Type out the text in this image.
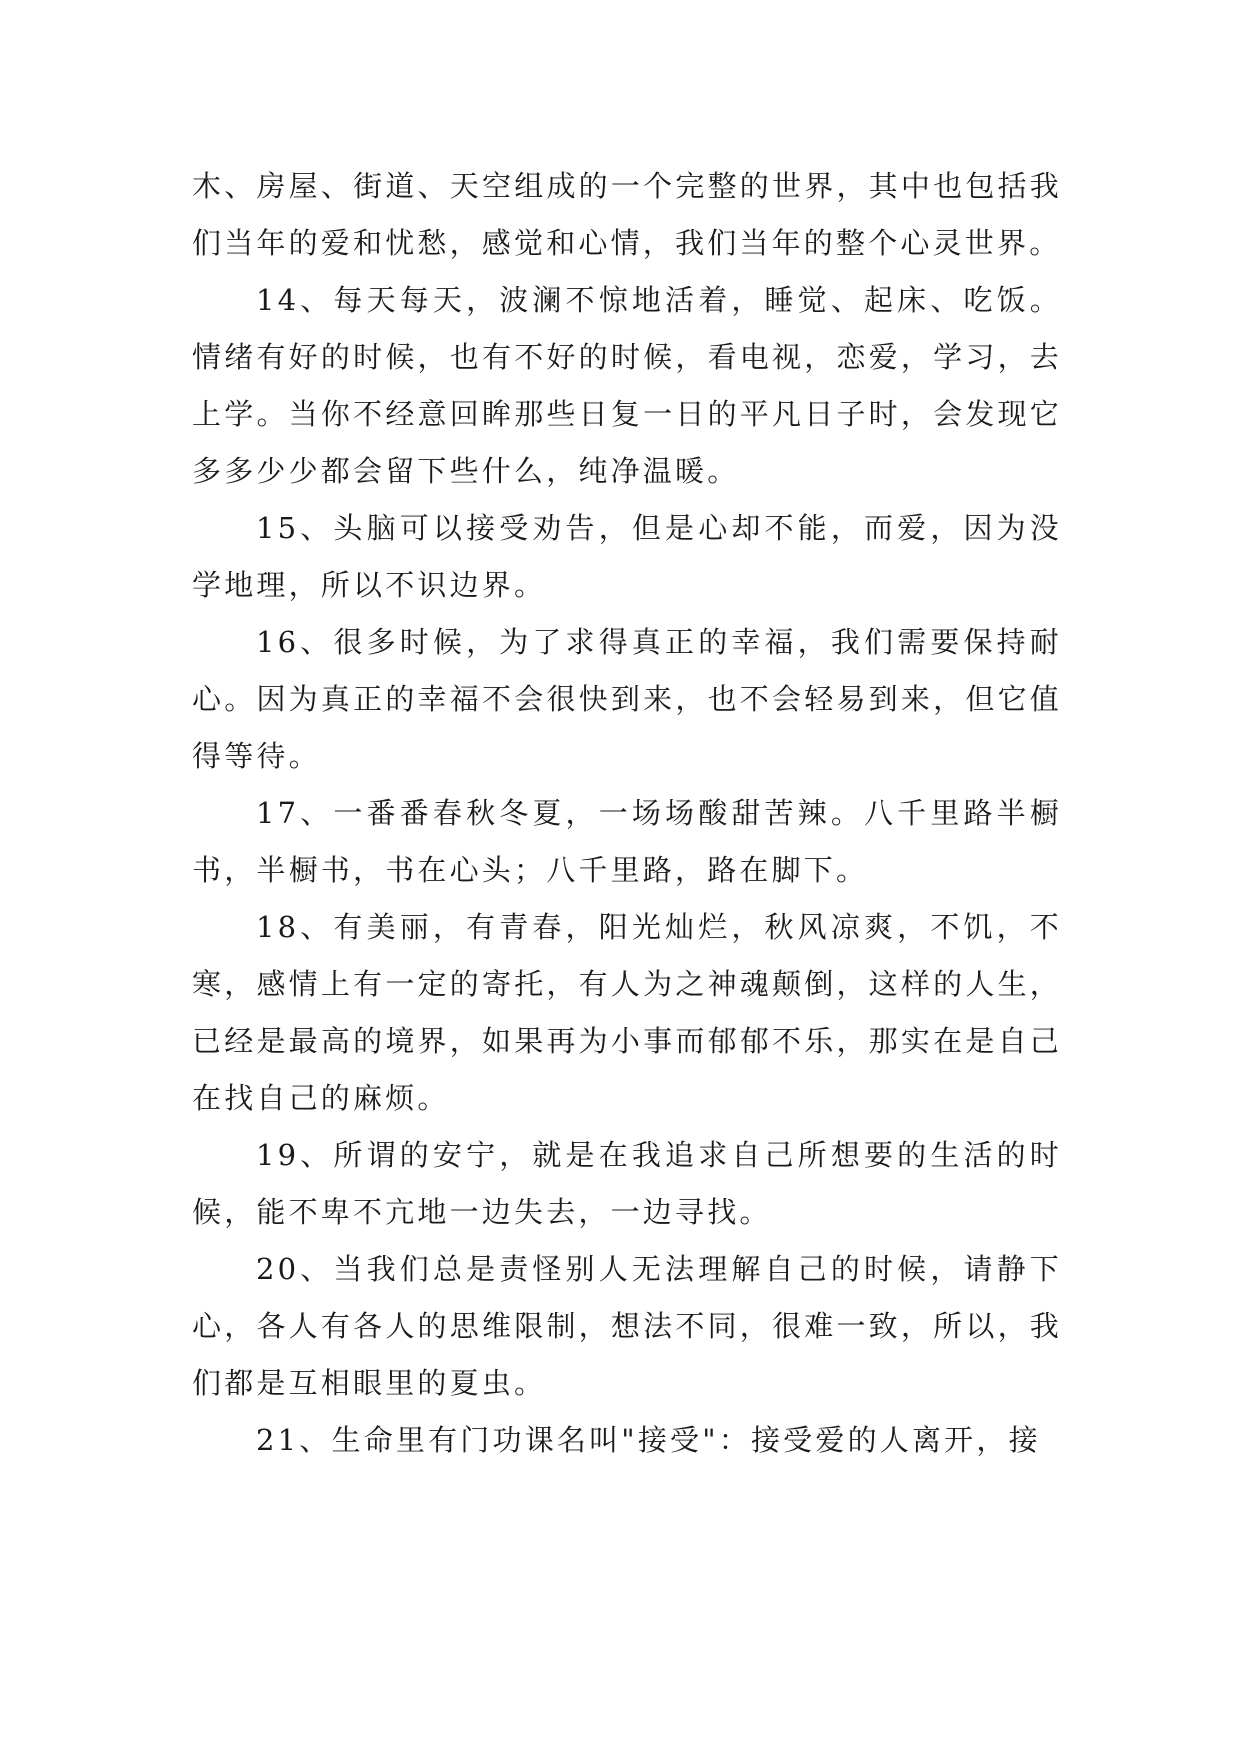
木、房屋、街道、天空组成的一个完整的世界，其中也包括我们当年的爱和忧愁，感觉和心情，我们当年的整个心灵世界。

14、每天每天，波澜不惊地活着，睡觉、起床、吃饭。情绪有好的时候，也有不好的时候，看电视，恋爱，学习，去上学。当你不经意回眸那些日复一日的平凡日子时，会发现它多多少少都会留下些什么，纯净温暖。

15、头脑可以接受劝告，但是心却不能，而爱，因为没学地理，所以不识边界。

16、很多时候，为了求得真正的幸福，我们需要保持耐心。因为真正的幸福不会很快到来，也不会轻易到来，但它值得等待。

17、一番番春秋冬夏，一场场酸甜苦辣。八千里路半橱书，半橱书，书在心头；八千里路，路在脚下。

18、有美丽，有青春，阳光灿烂，秋风凉爽，不饥，不寒，感情上有一定的寄托，有人为之神魂颠倒，这样的人生，已经是最高的境界，如果再为小事而郁郁不乐，那实在是自己在找自己的麻烦。

19、所谓的安宁，就是在我追求自己所想要的生活的时候，能不卑不亢地一边失去，一边寻找。

20、当我们总是责怪别人无法理解自己的时候，请静下心，各人有各人的思维限制，想法不同，很难一致，所以，我们都是互相眼里的夏虫。

21、生命里有门功课名叫"接受"：接受爱的人离开，接
